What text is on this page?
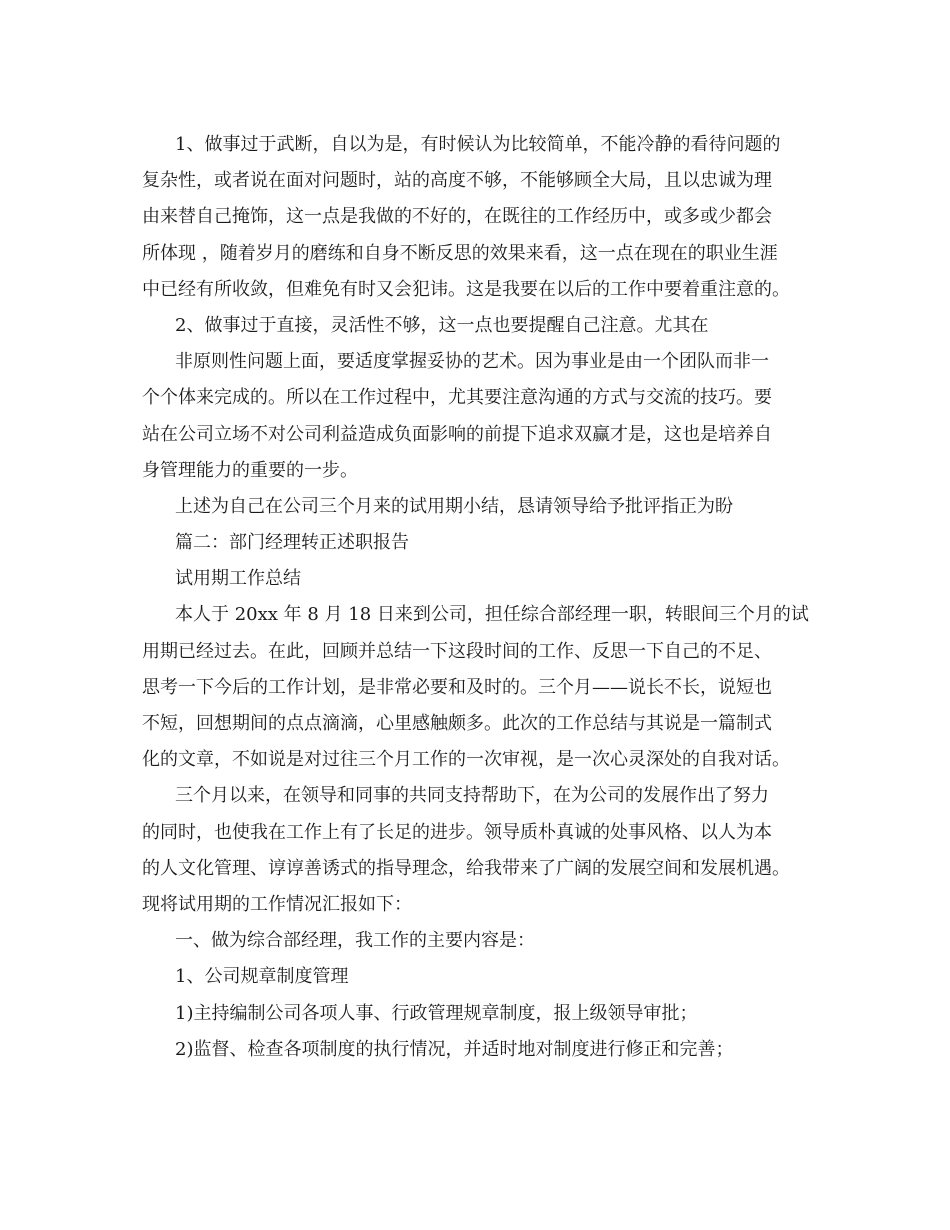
1、做事过于武断，自以为是，有时候认为比较简单，不能冷静的看待问题的
复杂性，或者说在面对问题时，站的高度不够，不能够顾全大局，且以忠诚为理
由来替自己掩饰，这一点是我做的不好的，在既往的工作经历中，或多或少都会
所体现 ，随着岁月的磨练和自身不断反思的效果来看，这一点在现在的职业生涯
中已经有所收敛，但难免有时又会犯讳。这是我要在以后的工作中要着重注意的。
2、做事过于直接，灵活性不够，这一点也要提醒自己注意。尤其在
非原则性问题上面，要适度掌握妥协的艺术。因为事业是由一个团队而非一
个个体来完成的。所以在工作过程中，尤其要注意沟通的方式与交流的技巧。要
站在公司立场不对公司利益造成负面影响的前提下追求双赢才是，这也是培养自
身管理能力的重要的一步。
上述为自己在公司三个月来的试用期小结，恳请领导给予批评指正为盼
篇二：部门经理转正述职报告
试用期工作总结
本人于 20xx 年 8 月 18 日来到公司，担任综合部经理一职，转眼间三个月的试
用期已经过去。在此，回顾并总结一下这段时间的工作、反思一下自己的不足、
思考一下今后的工作计划，是非常必要和及时的。三个月——说长不长，说短也
不短，回想期间的点点滴滴，心里感触颇多。此次的工作总结与其说是一篇制式
化的文章，不如说是对过往三个月工作的一次审视，是一次心灵深处的自我对话。
三个月以来，在领导和同事的共同支持帮助下，在为公司的发展作出了努力
的同时，也使我在工作上有了长足的进步。领导质朴真诚的处事风格、以人为本
的人文化管理、谆谆善诱式的指导理念，给我带来了广阔的发展空间和发展机遇。
现将试用期的工作情况汇报如下：
一、做为综合部经理，我工作的主要内容是：
1、公司规章制度管理
1)主持编制公司各项人事、行政管理规章制度，报上级领导审批；
2)监督、检查各项制度的执行情况，并适时地对制度进行修正和完善；
